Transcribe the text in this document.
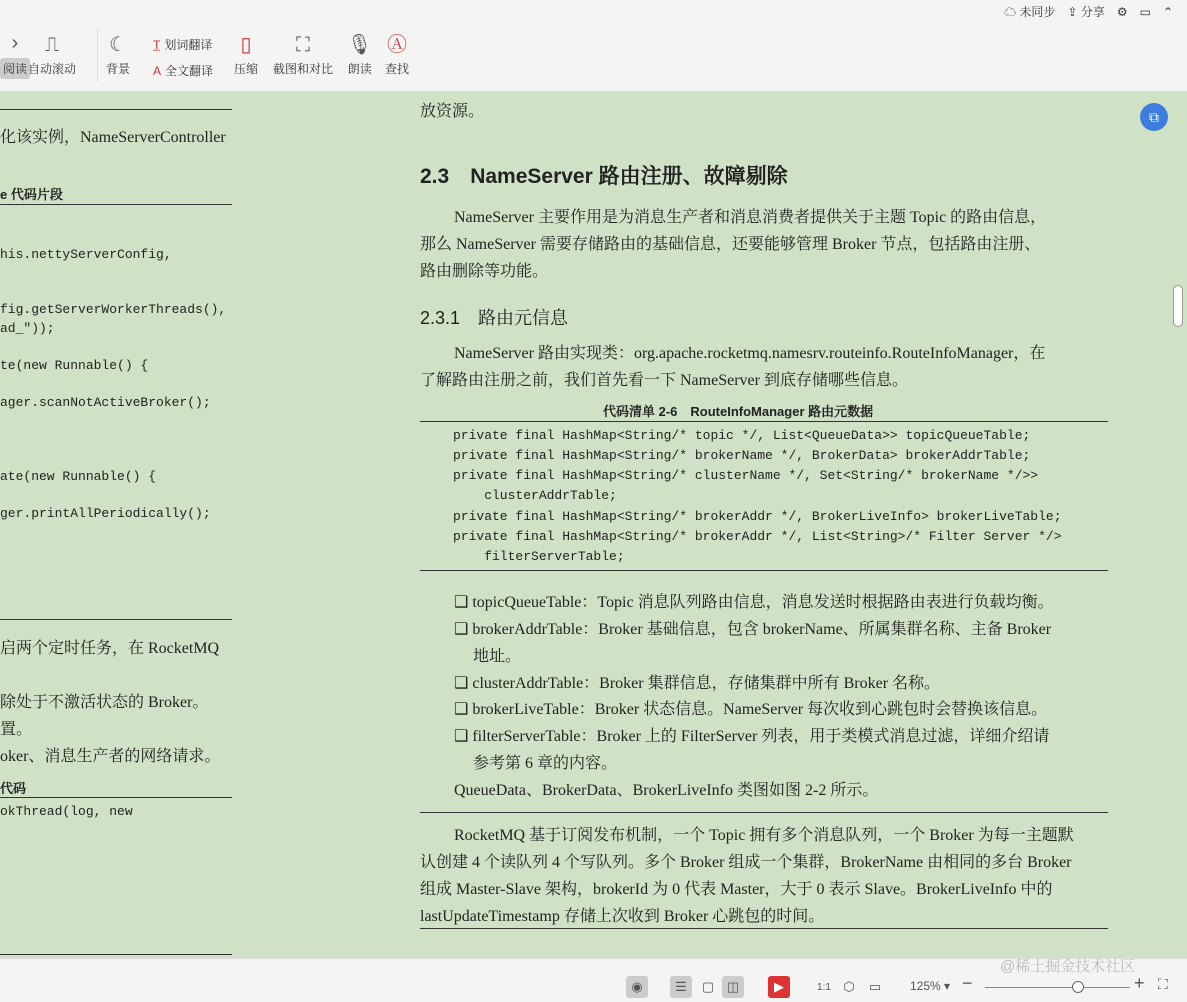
☁ 未同步 ⇪ 分享 ⚙ ▭ ⌃
›
阅读
⎍
自动滚动
☾
背景
T̲ 划词翻译
A 全文翻译
▯
压缩
⛶
截图和对比
🎙
朗读
Ⓐ
查找
化该实例，NameServerController
e 代码片段
his.nettyServerConfig,
fig.getServerWorkerThreads(),
ad_"));
te(new Runnable() {
ager.scanNotActiveBroker();
ate(new Runnable() {
ger.printAllPeriodically();
启两个定时任务，在 RocketMQ
除处于不激活状态的 Broker。
置。
oker、消息生产者的网络请求。
代码
okThread(log, new
放资源。
2.3　NameServer 路由注册、故障剔除
NameServer 主要作用是为消息生产者和消息消费者提供关于主题 Topic 的路由信息，
那么 NameServer 需要存储路由的基础信息，还要能够管理 Broker 节点，包括路由注册、
路由删除等功能。
2.3.1　路由元信息
NameServer 路由实现类：org.apache.rocketmq.namesrv.routeinfo.RouteInfoManager，在
了解路由注册之前，我们首先看一下 NameServer 到底存储哪些信息。
代码清单 2-6　RouteInfoManager 路由元数据
private final HashMap<String/* topic */, List<QueueData>> topicQueueTable;
private final HashMap<String/* brokerName */, BrokerData> brokerAddrTable;
private final HashMap<String/* clusterName */, Set<String/* brokerName */>>
clusterAddrTable;
private final HashMap<String/* brokerAddr */, BrokerLiveInfo> brokerLiveTable;
private final HashMap<String/* brokerAddr */, List<String>/* Filter Server */>
filterServerTable;
❑ topicQueueTable：Topic 消息队列路由信息，消息发送时根据路由表进行负载均衡。
❑ brokerAddrTable：Broker 基础信息，包含 brokerName、所属集群名称、主备 Broker
地址。
❑ clusterAddrTable：Broker 集群信息，存储集群中所有 Broker 名称。
❑ brokerLiveTable：Broker 状态信息。NameServer 每次收到心跳包时会替换该信息。
❑ filterServerTable：Broker 上的 FilterServer 列表，用于类模式消息过滤，详细介绍请
参考第 6 章的内容。
QueueData、BrokerData、BrokerLiveInfo 类图如图 2-2 所示。
RocketMQ 基于订阅发布机制，一个 Topic 拥有多个消息队列，一个 Broker 为每一主题默
认创建 4 个读队列 4 个写队列。多个 Broker 组成一个集群，BrokerName 由相同的多台 Broker
组成 Master-Slave 架构，brokerId 为 0 代表 Master，大于 0 表示 Slave。BrokerLiveInfo 中的
lastUpdateTimestamp 存储上次收到 Broker 心跳包的时间。
⧉
@稀土掘金技术社区
◉	☰	▢ ◫	▶	1:1 ⬡	▭	125% ▾ −	+ ⛶
